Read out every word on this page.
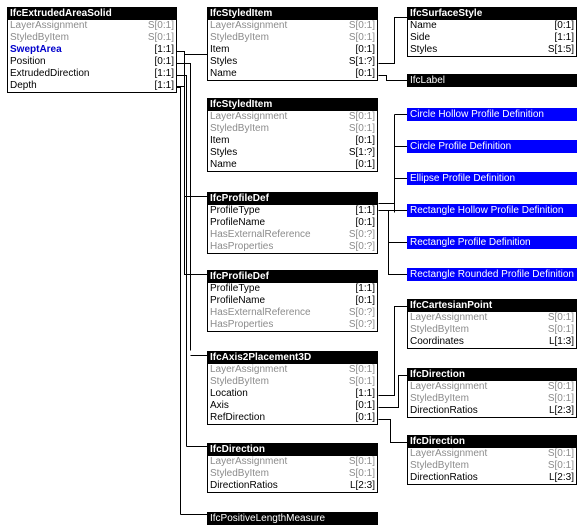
IfcExtrudedAreaSolid
LayerAssignment	S[0:1]
StyledByItem	S[0:1]
SweptArea	[1:1]
Position	[0:1]
ExtrudedDirection	[1:1]
Depth	[1:1]
IfcStyledItem
LayerAssignment	S[0:1]
StyledByItem	S[0:1]
Item	[0:1]
Styles	S[1:?]
Name	[0:1]
IfcSurfaceStyle
Name	[0:1]
Side	[1:1]
Styles	S[1:5]
IfcLabel
IfcStyledItem
LayerAssignment	S[0:1]
StyledByItem	S[0:1]
Item	[0:1]
Styles	S[1:?]
Name	[0:1]
Circle Hollow Profile Definition
Circle Profile Definition
Ellipse Profile Definition
Rectangle Hollow Profile Definition
Rectangle Profile Definition
Rectangle Rounded Profile Definition
IfcProfileDef
ProfileType	[1:1]
ProfileName	[0:1]
HasExternalReference	S[0:?]
HasProperties	S[0:?]
IfcProfileDef
ProfileType	[1:1]
ProfileName	[0:1]
HasExternalReference	S[0:?]
HasProperties	S[0:?]
IfcCartesianPoint
LayerAssignment	S[0:1]
StyledByItem	S[0:1]
Coordinates	L[1:3]
IfcAxis2Placement3D
LayerAssignment	S[0:1]
StyledByItem	S[0:1]
Location	[1:1]
Axis	[0:1]
RefDirection	[0:1]
IfcDirection
LayerAssignment	S[0:1]
StyledByItem	S[0:1]
DirectionRatios	L[2:3]
IfcDirection
LayerAssignment	S[0:1]
StyledByItem	S[0:1]
DirectionRatios	L[2:3]
IfcDirection
LayerAssignment	S[0:1]
StyledByItem	S[0:1]
DirectionRatios	L[2:3]
IfcPositiveLengthMeasure
